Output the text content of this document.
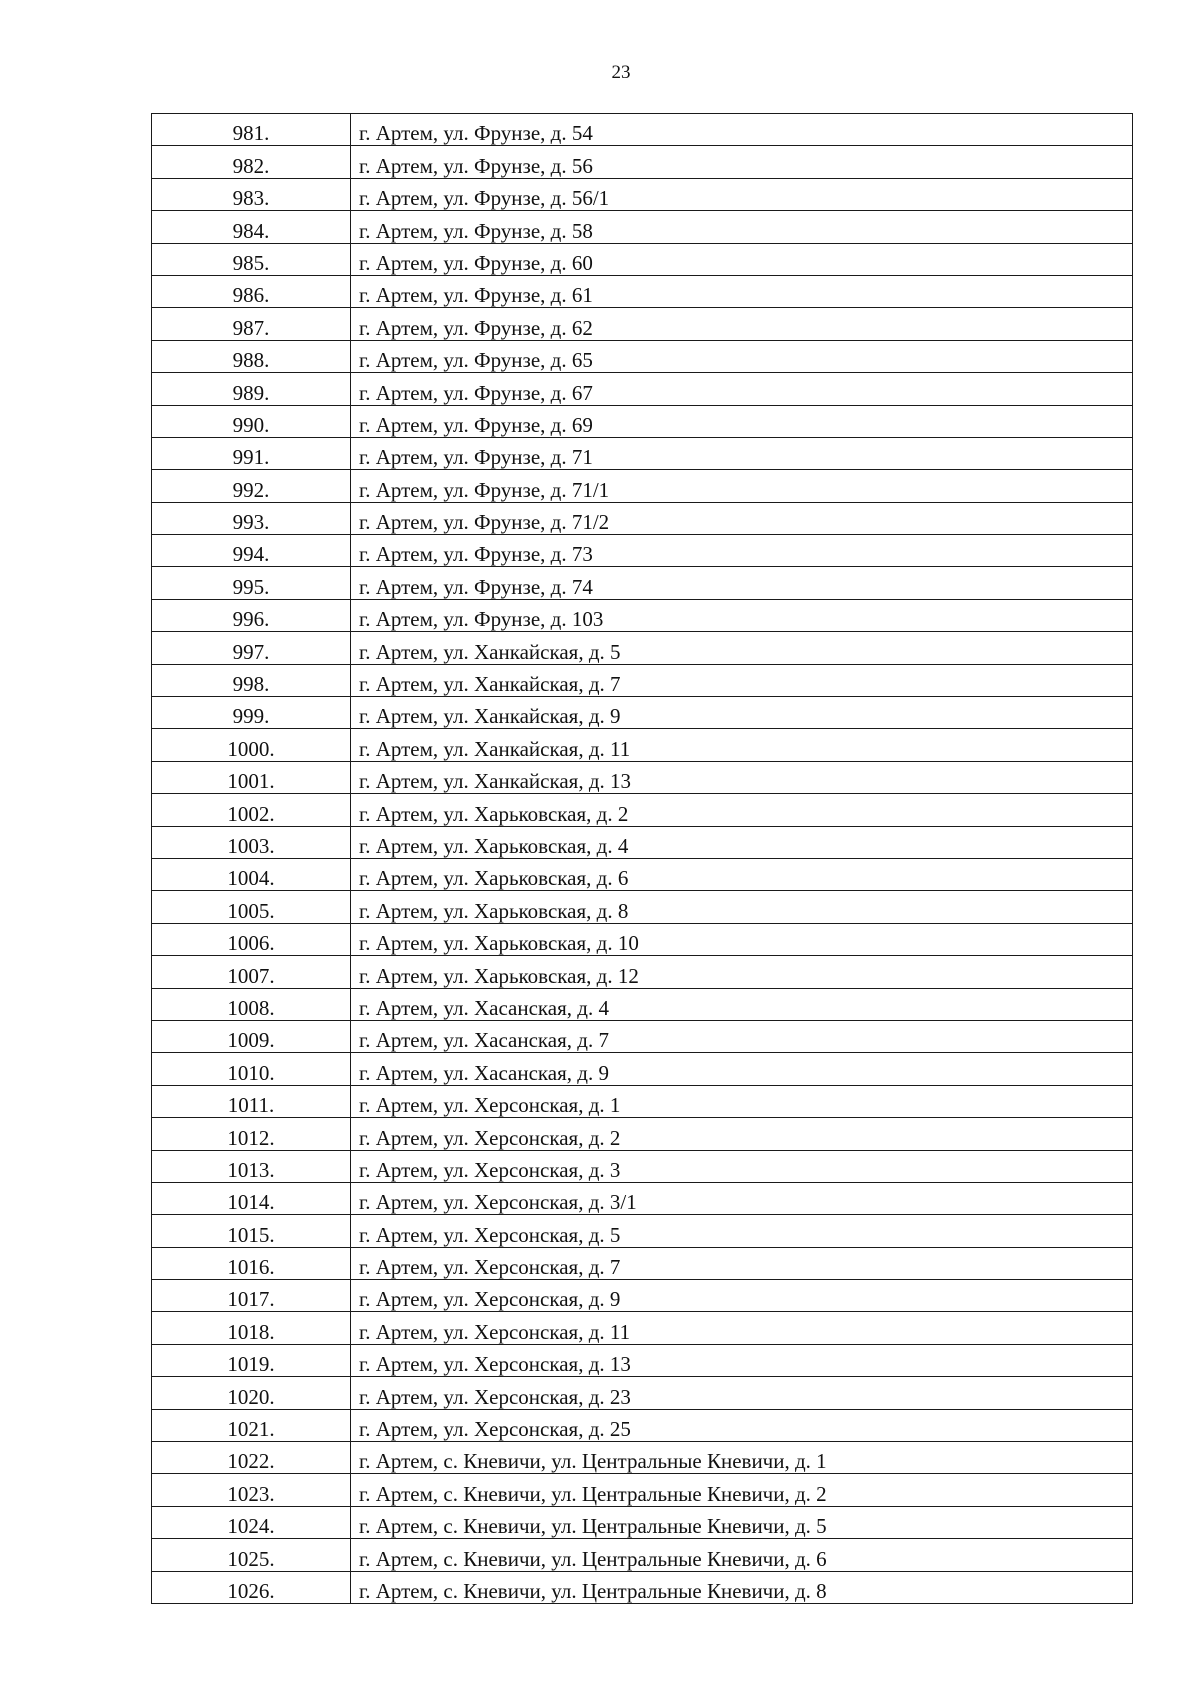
23
981.	г. Артем, ул. Фрунзе, д. 54
982.	г. Артем, ул. Фрунзе, д. 56
983.	г. Артем, ул. Фрунзе, д. 56/1
984.	г. Артем, ул. Фрунзе, д. 58
985.	г. Артем, ул. Фрунзе, д. 60
986.	г. Артем, ул. Фрунзе, д. 61
987.	г. Артем, ул. Фрунзе, д. 62
988.	г. Артем, ул. Фрунзе, д. 65
989.	г. Артем, ул. Фрунзе, д. 67
990.	г. Артем, ул. Фрунзе, д. 69
991.	г. Артем, ул. Фрунзе, д. 71
992.	г. Артем, ул. Фрунзе, д. 71/1
993.	г. Артем, ул. Фрунзе, д. 71/2
994.	г. Артем, ул. Фрунзе, д. 73
995.	г. Артем, ул. Фрунзе, д. 74
996.	г. Артем, ул. Фрунзе, д. 103
997.	г. Артем, ул. Ханкайская, д. 5
998.	г. Артем, ул. Ханкайская, д. 7
999.	г. Артем, ул. Ханкайская, д. 9
1000.	г. Артем, ул. Ханкайская, д. 11
1001.	г. Артем, ул. Ханкайская, д. 13
1002.	г. Артем, ул. Харьковская, д. 2
1003.	г. Артем, ул. Харьковская, д. 4
1004.	г. Артем, ул. Харьковская, д. 6
1005.	г. Артем, ул. Харьковская, д. 8
1006.	г. Артем, ул. Харьковская, д. 10
1007.	г. Артем, ул. Харьковская, д. 12
1008.	г. Артем, ул. Хасанская, д. 4
1009.	г. Артем, ул. Хасанская, д. 7
1010.	г. Артем, ул. Хасанская, д. 9
1011.	г. Артем, ул. Херсонская, д. 1
1012.	г. Артем, ул. Херсонская, д. 2
1013.	г. Артем, ул. Херсонская, д. 3
1014.	г. Артем, ул. Херсонская, д. 3/1
1015.	г. Артем, ул. Херсонская, д. 5
1016.	г. Артем, ул. Херсонская, д. 7
1017.	г. Артем, ул. Херсонская, д. 9
1018.	г. Артем, ул. Херсонская, д. 11
1019.	г. Артем, ул. Херсонская, д. 13
1020.	г. Артем, ул. Херсонская, д. 23
1021.	г. Артем, ул. Херсонская, д. 25
1022.	г. Артем, с. Кневичи, ул. Центральные Кневичи, д. 1
1023.	г. Артем, с. Кневичи, ул. Центральные Кневичи, д. 2
1024.	г. Артем, с. Кневичи, ул. Центральные Кневичи, д. 5
1025.	г. Артем, с. Кневичи, ул. Центральные Кневичи, д. 6
1026.	г. Артем, с. Кневичи, ул. Центральные Кневичи, д. 8
